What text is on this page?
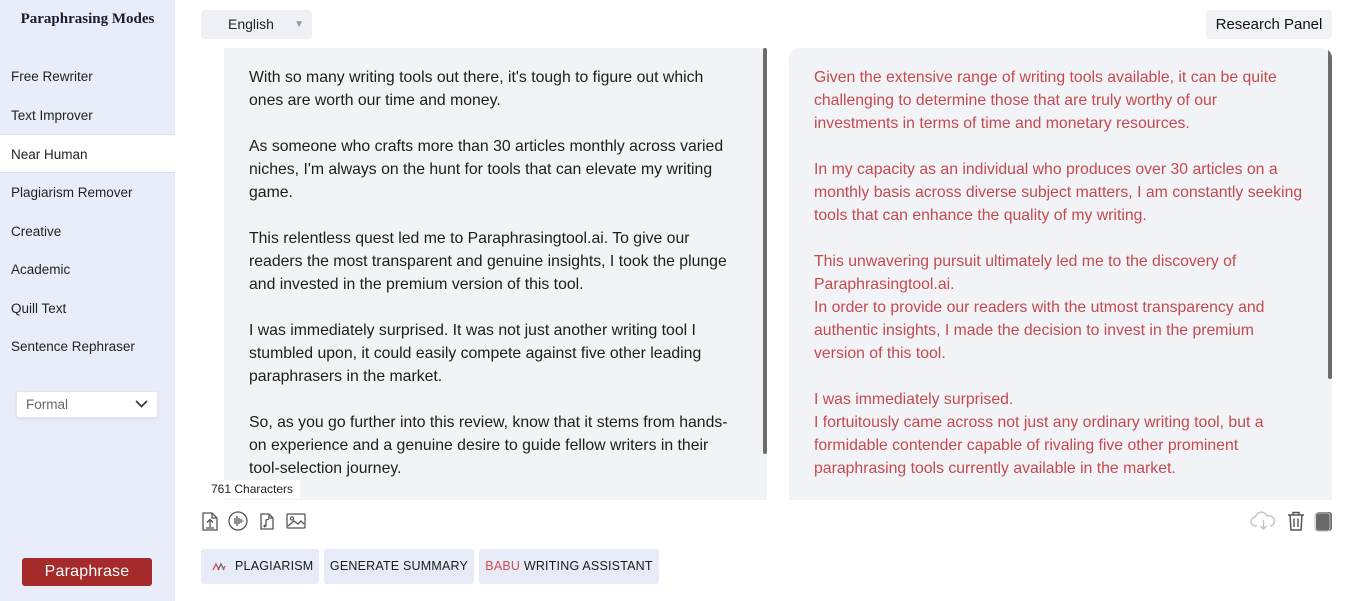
Paraphrasing Modes
Free Rewriter
Text Improver
Near Human
Plagiarism Remover
Creative
Academic
Quill Text
Sentence Rephraser
Formal
Paraphrase
English ▼	Research Panel
With so many writing tools out there, it's tough to figure out which ones are worth our time and money.

As someone who crafts more than 30 articles monthly across varied niches, I'm always on the hunt for tools that can elevate my writing game.

This relentless quest led me to Paraphrasingtool.ai. To give our readers the most transparent and genuine insights, I took the plunge and invested in the premium version of this tool.

I was immediately surprised. It was not just another writing tool I stumbled upon, it could easily compete against five other leading paraphrasers in the market.

So, as you go further into this review, know that it stems from hands-on experience and a genuine desire to guide fellow writers in their tool-selection journey.
Given the extensive range of writing tools available, it can be quite challenging to determine those that are truly worthy of our investments in terms of time and monetary resources.

In my capacity as an individual who produces over 30 articles on a monthly basis across diverse subject matters, I am constantly seeking tools that can enhance the quality of my writing.

This unwavering pursuit ultimately led me to the discovery of Paraphrasingtool.ai.
In order to provide our readers with the utmost transparency and authentic insights, I made the decision to invest in the premium version of this tool.

I was immediately surprised.
I fortuitously came across not just any ordinary writing tool, but a formidable contender capable of rivaling five other prominent paraphrasing tools currently available in the market.
761 Characters
PLAGIARISM	GENERATE SUMMARY	BABU WRITING ASSISTANT
